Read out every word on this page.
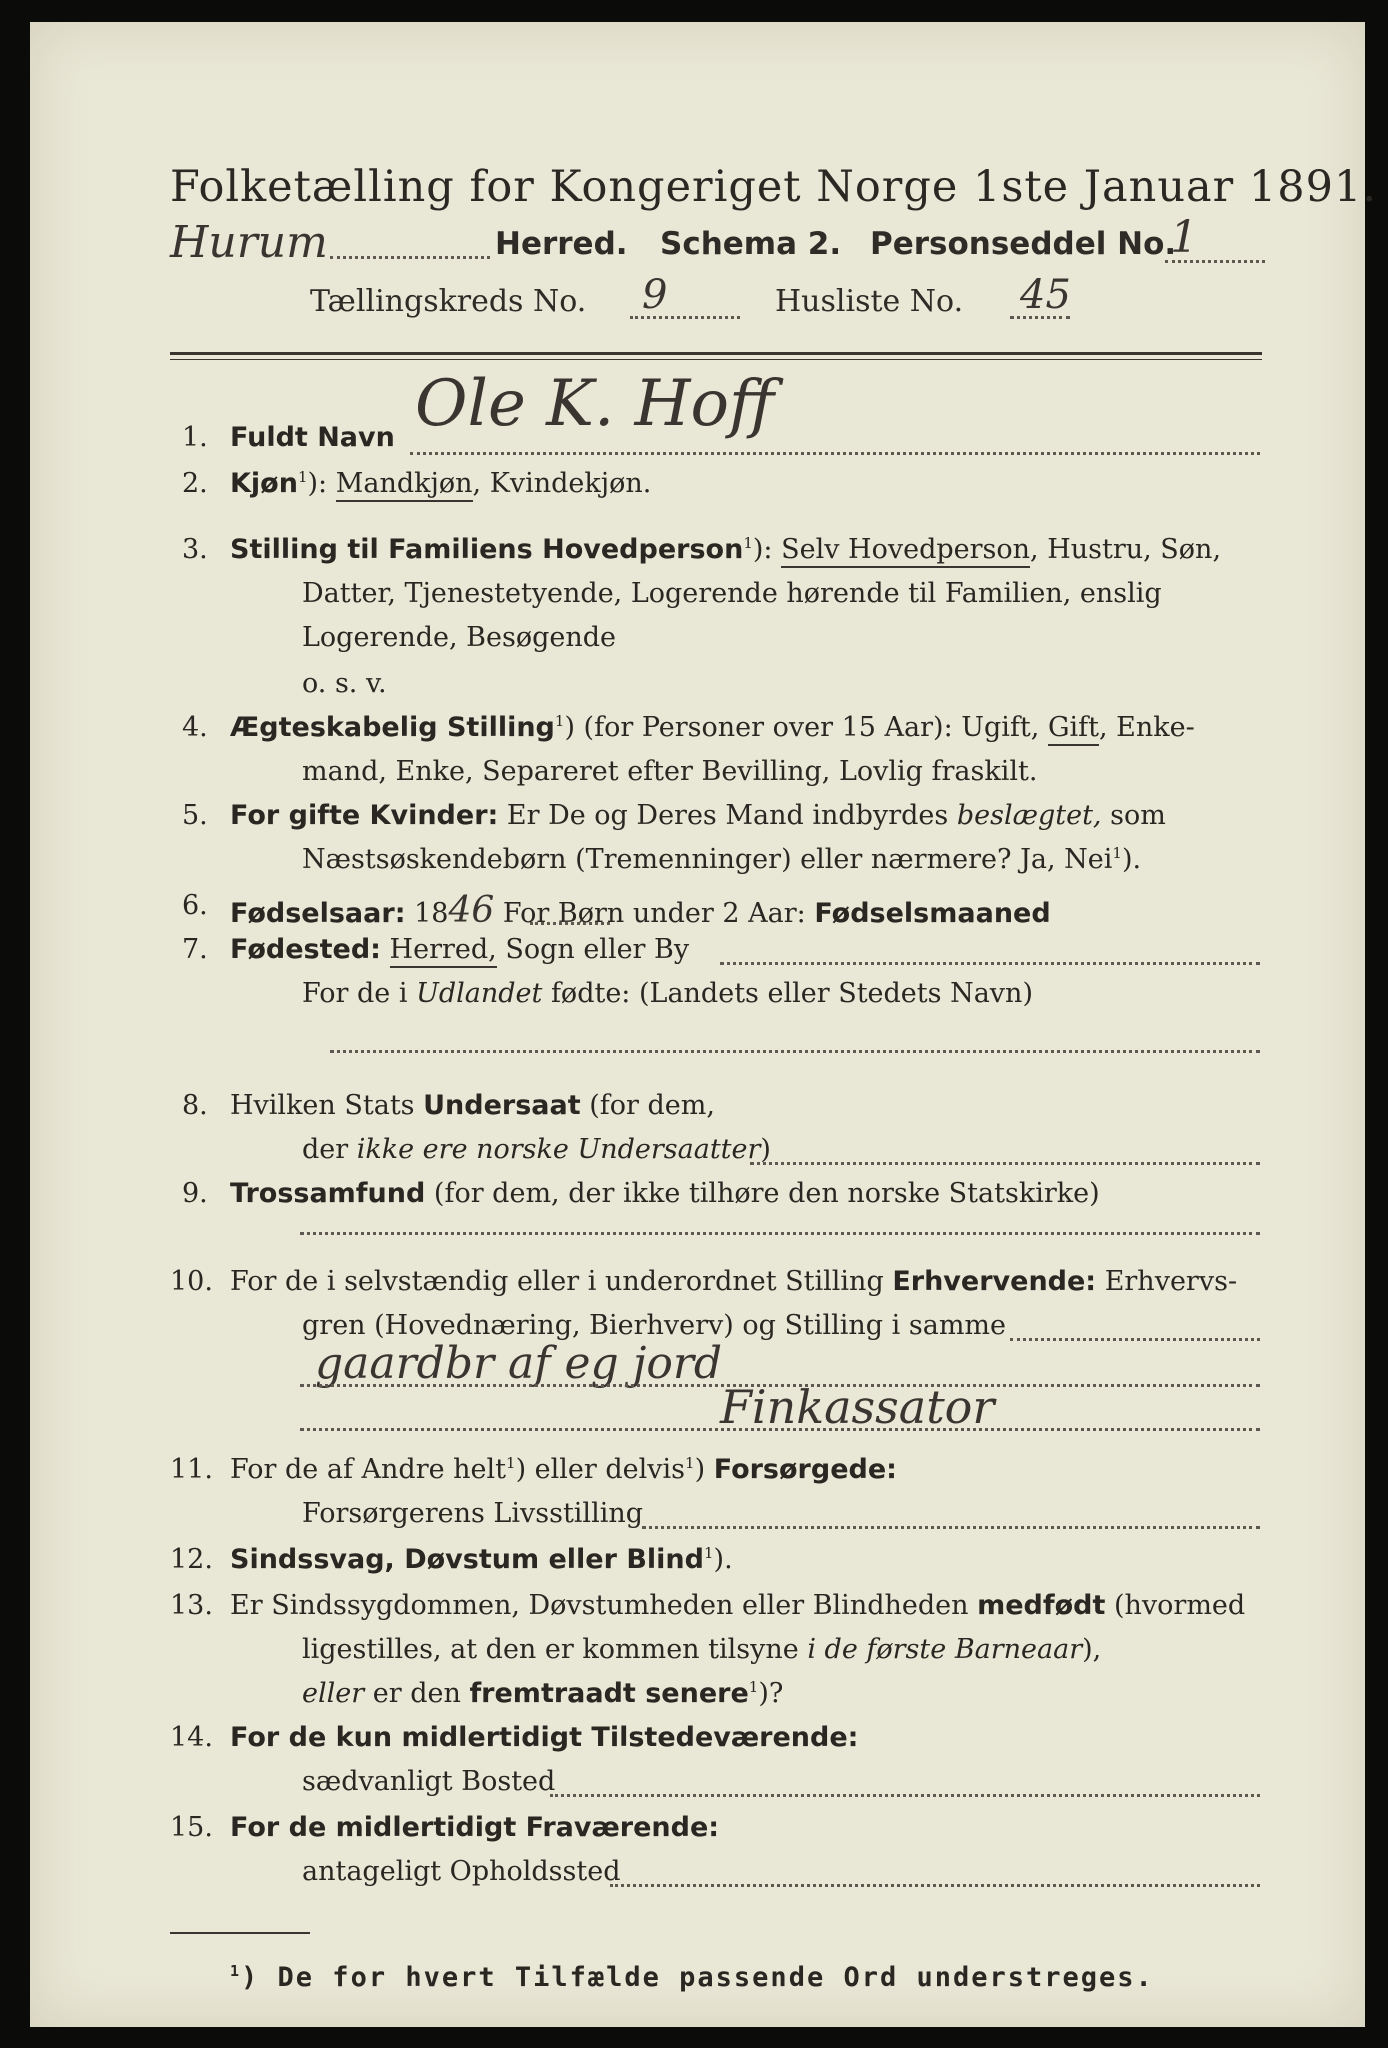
Folketælling for Kongeriget Norge 1ste Januar 1891.
Hurum	Herred. Schema 2. Personseddel No.
1
Tællingskreds No. 9	Husliste No. 45
1. Fuldt Navn Ole K. Hoff
2. Kjøn$^1$): Mandkjøn, Kvindekjøn.
3. Stilling til Familiens Hovedperson$^1$): Selv Hovedperson, Hustru, Søn,
Datter, Tjenestetyende, Logerende hørende til Familien, enslig
Logerende, Besøgende
o. s. v.
4. Ægteskabelig Stilling$^1$) (for Personer over 15 Aar): Ugift, Gift, Enke-
mand, Enke, Separeret efter Bevilling, Lovlig fraskilt.
5. For gifte Kvinder: Er De og Deres Mand indbyrdes beslægtet, som
Næstsøskendebørn (Tremenninger) eller nærmere? Ja, Nei$^1$).
6. Fødselsaar: 1846 For Børn under 2 Aar: Fødselsmaaned
7. Fødested: Herred, Sogn eller By
For de i Udlandet fødte: (Landets eller Stedets Navn)
8. Hvilken Stats Undersaat (for dem,
der ikke ere norske Undersaatter)
9. Trossamfund (for dem, der ikke tilhøre den norske Statskirke)
10. For de i selvstændig eller i underordnet Stilling Erhvervende: Erhvervs-
gren (Hovednæring, Bierhverv) og Stilling i samme
gaardbr af eg jord
Finkassator
11. For de af Andre helt$^1$) eller delvis$^1$) Forsørgede:
Forsørgerens Livsstilling
12. Sindssvag, Døvstum eller Blind$^1$).
13. Er Sindssygdommen, Døvstumheden eller Blindheden medfødt (hvormed
ligestilles, at den er kommen tilsyne i de første Barneaar),
eller er den fremtraadt senere$^1$)?
14. For de kun midlertidigt Tilstedeværende:
sædvanligt Bosted
15. For de midlertidigt Fraværende:
antageligt Opholdssted
$^1$) De for hvert Tilfælde passende Ord understreges.
